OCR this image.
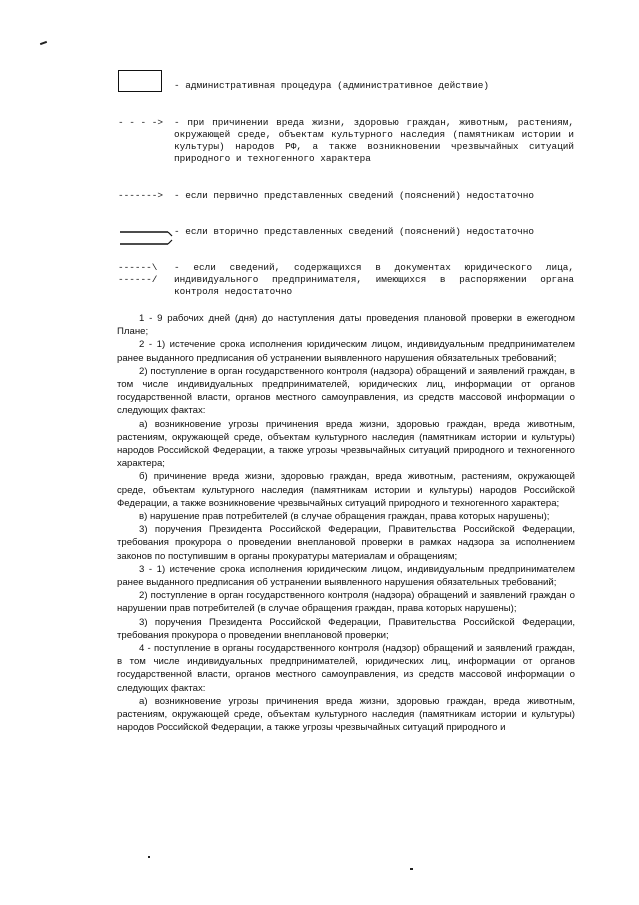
- административная процедура (административное действие)
- - - ->	- при причинении вреда жизни, здоровью граждан, животным, растениям, окружающей среде, объектам культурного наследия (памятникам истории и культуры) народов РФ, а также возникновении чрезвычайных ситуаций природного и техногенного характера
------->	- если первично представленных сведений (пояснений) недостаточно
- если вторично представленных сведений (пояснений) недостаточно
------\
------/
- если сведений, содержащихся в документах юридического лица, индивидуального предпринимателя, имеющихся в распоряжении органа контроля недостаточно

1 - 9 рабочих дней (дня) до наступления даты проведения плановой проверки в ежегодном Плане;

2 - 1) истечение срока исполнения юридическим лицом, индивидуальным предпринимателем ранее выданного предписания об устранении выявленного нарушения обязательных требований;

2) поступление в орган государственного контроля (надзора) обращений и заявлений граждан, в том числе индивидуальных предпринимателей, юридических лиц, информации от органов государственной власти, органов местного самоуправления, из средств массовой информации о следующих фактах:

а) возникновение угрозы причинения вреда жизни, здоровью граждан, вреда животным, растениям, окружающей среде, объектам культурного наследия (памятникам истории и культуры) народов Российской Федерации, а также угрозы чрезвычайных ситуаций природного и техногенного характера;

б) причинение вреда жизни, здоровью граждан, вреда животным, растениям, окружающей среде, объектам культурного наследия (памятникам истории и культуры) народов Российской Федерации, а также возникновение чрезвычайных ситуаций природного и техногенного характера;

в) нарушение прав потребителей (в случае обращения граждан, права которых нарушены);

3) поручения Президента Российской Федерации, Правительства Российской Федерации, требования прокурора о проведении внеплановой проверки в рамках надзора за исполнением законов по поступившим в органы прокуратуры материалам и обращениям;

3 - 1) истечение срока исполнения юридическим лицом, индивидуальным предпринимателем ранее выданного предписания об устранении выявленного нарушения обязательных требований;

2) поступление в орган государственного контроля (надзора) обращений и заявлений граждан о нарушении прав потребителей (в случае обращения граждан, права которых нарушены);

3) поручения Президента Российской Федерации, Правительства Российской Федерации, требования прокурора о проведении внеплановой проверки;

4 - поступление в органы государственного контроля (надзор) обращений и заявлений граждан, в том числе индивидуальных предпринимателей, юридических лиц, информации от органов государственной власти, органов местного самоуправления, из средств массовой информации о следующих фактах:

а) возникновение угрозы причинения вреда жизни, здоровью граждан, вреда животным, растениям, окружающей среде, объектам культурного наследия (памятникам истории и культуры) народов Российской Федерации, а также угрозы чрезвычайных ситуаций природного и
